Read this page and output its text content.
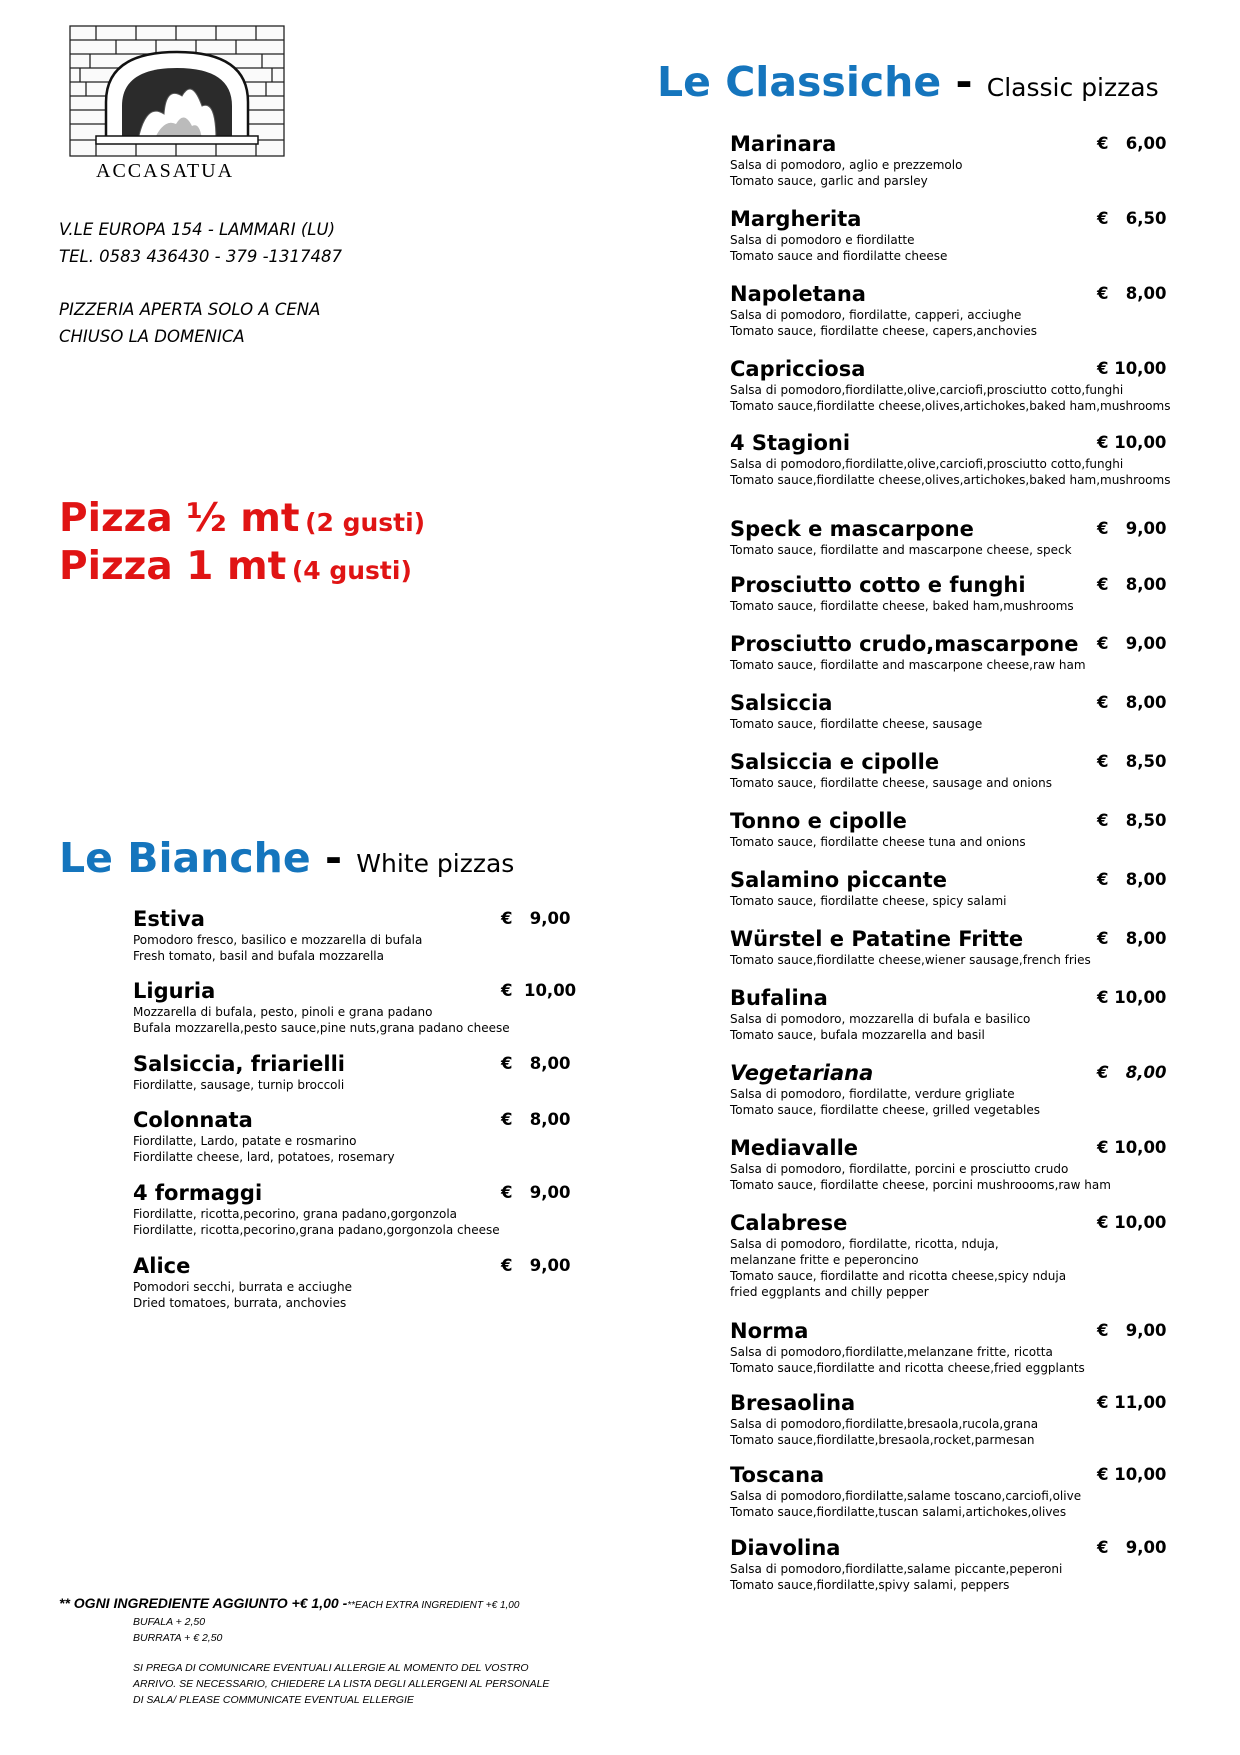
ACCASATUA
V.LE EUROPA 154 - LAMMARI (LU)
TEL. 0583 436430 - 379 -1317487
PIZZERIA APERTA SOLO A CENA
CHIUSO LA DOMENICA
Pizza ½ mt (2 gusti)
Pizza 1 mt (4 gusti)
Le Classiche - Classic pizzas
Marinara	€   6,00
Salsa di pomodoro, aglio e prezzemolo
Tomato sauce, garlic and parsley
Margherita	€   6,50
Salsa di pomodoro e fiordilatte
Tomato sauce and fiordilatte cheese
Napoletana	€   8,00
Salsa di pomodoro, fiordilatte, capperi, acciughe
Tomato sauce, fiordilatte cheese, capers,anchovies
Capricciosa	€ 10,00
Salsa di pomodoro,fiordilatte,olive,carciofi,prosciutto cotto,funghi
Tomato sauce,fiordilatte cheese,olives,artichokes,baked ham,mushrooms
4 Stagioni	€ 10,00
Salsa di pomodoro,fiordilatte,olive,carciofi,prosciutto cotto,funghi
Tomato sauce,fiordilatte cheese,olives,artichokes,baked ham,mushrooms
Speck e mascarpone	€   9,00
Tomato sauce, fiordilatte and mascarpone cheese, speck
Prosciutto cotto e funghi	€   8,00
Tomato sauce, fiordilatte cheese, baked ham,mushrooms
Prosciutto crudo,mascarpone	€   9,00
Tomato sauce, fiordilatte and mascarpone cheese,raw ham
Salsiccia	€   8,00
Tomato sauce, fiordilatte cheese, sausage
Salsiccia e cipolle	€   8,50
Tomato sauce, fiordilatte cheese, sausage and onions
Tonno e cipolle	€   8,50
Tomato sauce, fiordilatte cheese tuna and onions
Salamino piccante	€   8,00
Tomato sauce, fiordilatte cheese, spicy salami
Würstel e Patatine Fritte	€   8,00
Tomato sauce,fiordilatte cheese,wiener sausage,french fries
Bufalina	€ 10,00
Salsa di pomodoro, mozzarella di bufala e basilico
Tomato sauce, bufala mozzarella and basil
Vegetariana	€   8,00
Salsa di pomodoro, fiordilatte, verdure grigliate
Tomato sauce, fiordilatte cheese, grilled vegetables
Mediavalle	€ 10,00
Salsa di pomodoro, fiordilatte, porcini e prosciutto crudo
Tomato sauce, fiordilatte cheese, porcini mushroooms,raw ham
Calabrese	€ 10,00
Salsa di pomodoro, fiordilatte, ricotta, nduja,
melanzane fritte e peperoncino
Tomato sauce, fiordilatte and ricotta cheese,spicy nduja
fried eggplants and chilly pepper
Norma	€   9,00
Salsa di pomodoro,fiordilatte,melanzane fritte, ricotta
Tomato sauce,fiordilatte and ricotta cheese,fried eggplants
Bresaolina	€ 11,00
Salsa di pomodoro,fiordilatte,bresaola,rucola,grana
Tomato sauce,fiordilatte,bresaola,rocket,parmesan
Toscana	€ 10,00
Salsa di pomodoro,fiordilatte,salame toscano,carciofi,olive
Tomato sauce,fiordilatte,tuscan salami,artichokes,olives
Diavolina	€   9,00
Salsa di pomodoro,fiordilatte,salame piccante,peperoni
Tomato sauce,fiordilatte,spivy salami, peppers
Le Bianche - White pizzas
Estiva	€   9,00
Pomodoro fresco, basilico e mozzarella di bufala
Fresh tomato, basil and bufala mozzarella
Liguria	€  10,00
Mozzarella di bufala, pesto, pinoli e grana padano
Bufala mozzarella,pesto sauce,pine nuts,grana padano cheese
Salsiccia, friarielli	€   8,00
Fiordilatte, sausage, turnip broccoli
Colonnata	€   8,00
Fiordilatte, Lardo, patate e rosmarino
Fiordilatte cheese, lard, potatoes, rosemary
4 formaggi	€   9,00
Fiordilatte, ricotta,pecorino, grana padano,gorgonzola
Fiordilatte, ricotta,pecorino,grana padano,gorgonzola cheese
Alice	€   9,00
Pomodori secchi, burrata e acciughe
Dried tomatoes, burrata, anchovies
** OGNI INGREDIENTE AGGIUNTO +€ 1,00 -**EACH EXTRA INGREDIENT +€ 1,00
BUFALA + 2,50
BURRATA + € 2,50
SI PREGA DI COMUNICARE EVENTUALI ALLERGIE AL MOMENTO DEL VOSTRO
ARRIVO. SE NECESSARIO, CHIEDERE LA LISTA DEGLI ALLERGENI AL PERSONALE
DI SALA/ PLEASE COMMUNICATE EVENTUAL ELLERGIE
